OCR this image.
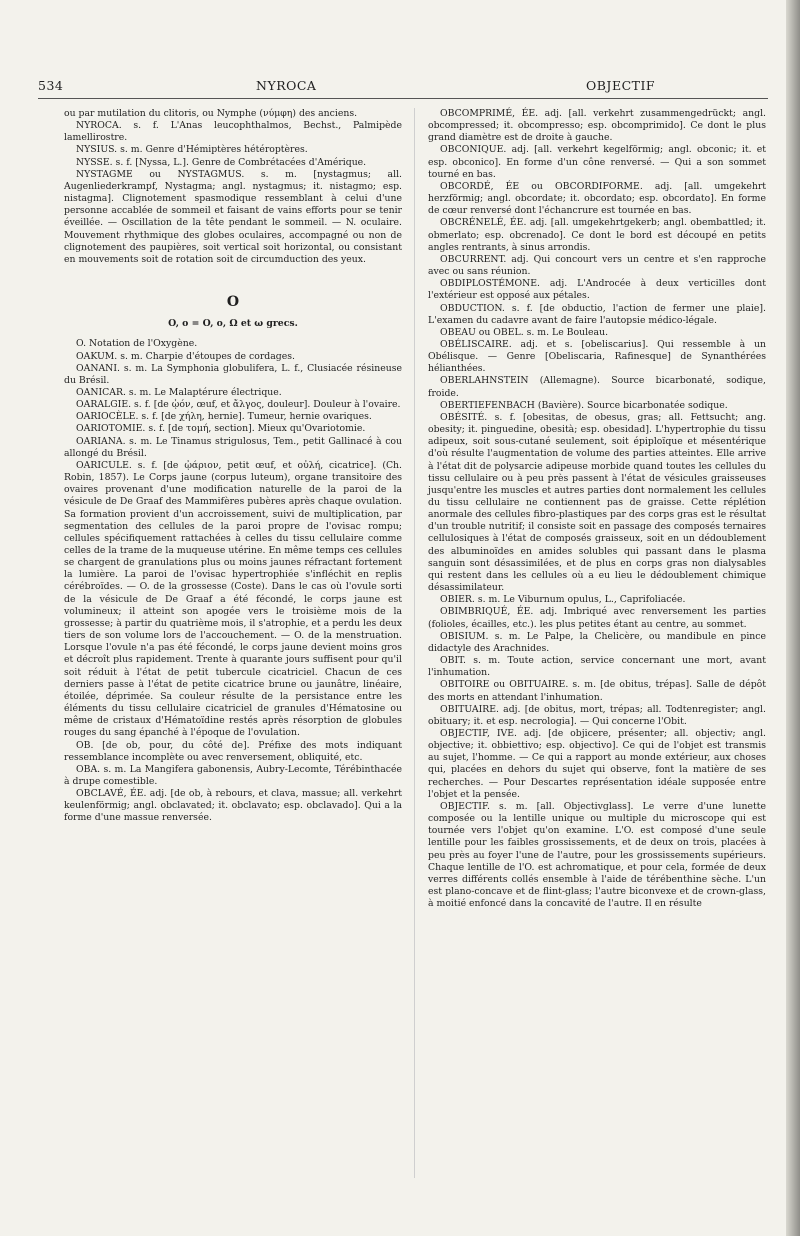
534	NYROCA	OBJECTIF

ou par mutilation du clitoris, ou Nymphe (νύμφη) des anciens.

NYROCA. s. f. L'Anas leucophthalmos, Bechst., Palmipède lamellirostre.

NYSIUS. s. m. Genre d'Hémiptères hétéroptères.

NYSSE. s. f. [Nyssa, L.]. Genre de Combrétacées d'Amérique.

NYSTAGME ou NYSTAGMUS. s. m. [nystagmus; all. Augenliederkrampf, Nystagma; angl. nystagmus; it. nistagmo; esp. nistagma]. Clignotement spasmodique ressemblant à celui d'une personne accablée de sommeil et faisant de vains efforts pour se tenir éveillée. — Oscillation de la tête pendant le sommeil. — N. oculaire. Mouvement rhythmique des globes oculaires, accompagné ou non de clignotement des paupières, soit vertical soit horizontal, ou consistant en mouvements soit de rotation soit de circumduction des yeux.

O
O, o = O, o, Ω et ω grecs.

O. Notation de l'Oxygène.

OAKUM. s. m. Charpie d'étoupes de cordages.

OANANI. s. m. La Symphonia globulifera, L. f., Clusiacée résineuse du Brésil.

OANICAR. s. m. Le Malaptérure électrique.

OARALGIE. s. f. [de ᾠόν, œuf, et ἄλγος, douleur]. Douleur à l'ovaire.

OARIOCÈLE. s. f. [de χήλη, hernie]. Tumeur, hernie ovariques.

OARIOTOMIE. s. f. [de τομή, section]. Mieux qu'Ovariotomie.

OARIANA. s. m. Le Tinamus strigulosus, Tem., petit Gallinacé à cou allongé du Brésil.

OARICULE. s. f. [de ᾠάριον, petit œuf, et οὐλή, cicatrice]. (Ch. Robin, 1857). Le Corps jaune (corpus luteum), organe transitoire des ovaires provenant d'une modification naturelle de la paroi de la vésicule de De Graaf des Mammifères pubères après chaque ovulation. Sa formation provient d'un accroissement, suivi de multiplication, par segmentation des cellules de la paroi propre de l'ovisac rompu; cellules spécifiquement rattachées à celles du tissu cellulaire comme celles de la trame de la muqueuse utérine. En même temps ces cellules se chargent de granulations plus ou moins jaunes réfractant fortement la lumière. La paroi de l'ovisac hypertrophiée s'infléchit en replis cérébroïdes. — O. de la grossesse (Coste). Dans le cas où l'ovule sorti de la vésicule de De Graaf a été fécondé, le corps jaune est volumineux; il atteint son apogée vers le troisième mois de la grossesse; à partir du quatrième mois, il s'atrophie, et a perdu les deux tiers de son volume lors de l'accouchement. — O. de la menstruation. Lorsque l'ovule n'a pas été fécondé, le corps jaune devient moins gros et décroît plus rapidement. Trente à quarante jours suffisent pour qu'il soit réduit à l'état de petit tubercule cicatriciel. Chacun de ces derniers passe à l'état de petite cicatrice brune ou jaunâtre, linéaire, étoilée, déprimée. Sa couleur résulte de la persistance entre les éléments du tissu cellulaire cicatriciel de granules d'Hématosine ou même de cristaux d'Hématoïdine restés après résorption de globules rouges du sang épanché à l'époque de l'ovulation.

OB. [de ob, pour, du côté de]. Préfixe des mots indiquant ressemblance incomplète ou avec renversement, obliquité, etc.

OBA. s. m. La Mangifera gabonensis, Aubry-Lecomte, Térébinthacée à drupe comestible.

OBCLAVÉ, ÉE. adj. [de ob, à rebours, et clava, massue; all. verkehrt keulenförmig; angl. obclavated; it. obclavato; esp. obclavado]. Qui a la forme d'une massue renversée.

OBCOMPRIMÉ, ÉE. adj. [all. verkehrt zusammengedrückt; angl. obcompressed; it. obcompresso; esp. obcomprimido]. Ce dont le plus grand diamètre est de droite à gauche.

OBCONIQUE. adj. [all. verkehrt kegelförmig; angl. obconic; it. et esp. obconico]. En forme d'un cône renversé. — Qui a son sommet tourné en bas.

OBCORDÉ, ÉE ou OBCORDIFORME. adj. [all. umgekehrt herzförmig; angl. obcordate; it. obcordato; esp. obcordato]. En forme de cœur renversé dont l'échancrure est tournée en bas.

OBCRÉNELÉ, ÉE. adj. [all. umgekehrtgekerb; angl. obembattled; it. obmerlato; esp. obcrenado]. Ce dont le bord est découpé en petits angles rentrants, à sinus arrondis.

OBCURRENT. adj. Qui concourt vers un centre et s'en rapproche avec ou sans réunion.

OBDIPLOSTÉMONE. adj. L'Androcée à deux verticilles dont l'extérieur est opposé aux pétales.

OBDUCTION. s. f. [de obductio, l'action de fermer une plaie]. L'examen du cadavre avant de faire l'autopsie médico-légale.

OBEAU ou OBEL. s. m. Le Bouleau.

OBÉLISCAIRE. adj. et s. [obeliscarius]. Qui ressemble à un Obélisque. — Genre [Obeliscaria, Rafinesque] de Synanthérées hélianthées.

OBERLAHNSTEIN (Allemagne). Source bicarbonaté, sodique, froide.

OBERTIEFENBACH (Bavière). Source bicarbonatée sodique.

OBÉSITÉ. s. f. [obesitas, de obesus, gras; all. Fettsucht; ang. obesity; it. pinguedine, obesità; esp. obesidad]. L'hypertrophie du tissu adipeux, soit sous-cutané seulement, soit épiploïque et mésentérique d'où résulte l'augmentation de volume des parties atteintes. Elle arrive à l'état dit de polysarcie adipeuse morbide quand toutes les cellules du tissu cellulaire ou à peu près passent à l'état de vésicules graisseuses jusqu'entre les muscles et autres parties dont normalement les cellules du tissu cellulaire ne contiennent pas de graisse. Cette réplétion anormale des cellules fibro-plastiques par des corps gras est le résultat d'un trouble nutritif; il consiste soit en passage des composés ternaires cellulosiques à l'état de composés graisseux, soit en un dédoublement des albuminoïdes en amides solubles qui passant dans le plasma sanguin sont désassimilées, et de plus en corps gras non dialysables qui restent dans les cellules où a eu lieu le dédoublement chimique désassimilateur.

OBIER. s. m. Le Viburnum opulus, L., Caprifoliacée.

OBIMBRIQUÉ, ÉE. adj. Imbriqué avec renversement les parties (folioles, écailles, etc.). les plus petites étant au centre, au sommet.

OBISIUM. s. m. Le Palpe, la Chelicère, ou mandibule en pince didactyle des Arachnides.

OBIT. s. m. Toute action, service concernant une mort, avant l'inhumation.

OBITOIRE ou OBITUAIRE. s. m. [de obitus, trépas]. Salle de dépôt des morts en attendant l'inhumation.

OBITUAIRE. adj. [de obitus, mort, trépas; all. Todtenregister; angl. obituary; it. et esp. necrologia]. — Qui concerne l'Obit.

OBJECTIF, IVE. adj. [de objicere, présenter; all. objectiv; angl. objective; it. obbiettivo; esp. objectivo]. Ce qui de l'objet est transmis au sujet, l'homme. — Ce qui a rapport au monde extérieur, aux choses qui, placées en dehors du sujet qui observe, font la matière de ses recherches. — Pour Descartes représentation idéale supposée entre l'objet et la pensée.

OBJECTIF. s. m. [all. Objectivglass]. Le verre d'une lunette composée ou la lentille unique ou multiple du microscope qui est tournée vers l'objet qu'on examine. L'O. est composé d'une seule lentille pour les faibles grossissements, et de deux on trois, placées à peu près au foyer l'une de l'autre, pour les grossissements supérieurs. Chaque lentille de l'O. est achromatique, et pour cela, formée de deux verres différents collés ensemble à l'aide de térébenthine sèche. L'un est plano-concave et de flint-glass; l'autre biconvexe et de crown-glass, à moitié enfoncé dans la concavité de l'autre. Il en résulte
